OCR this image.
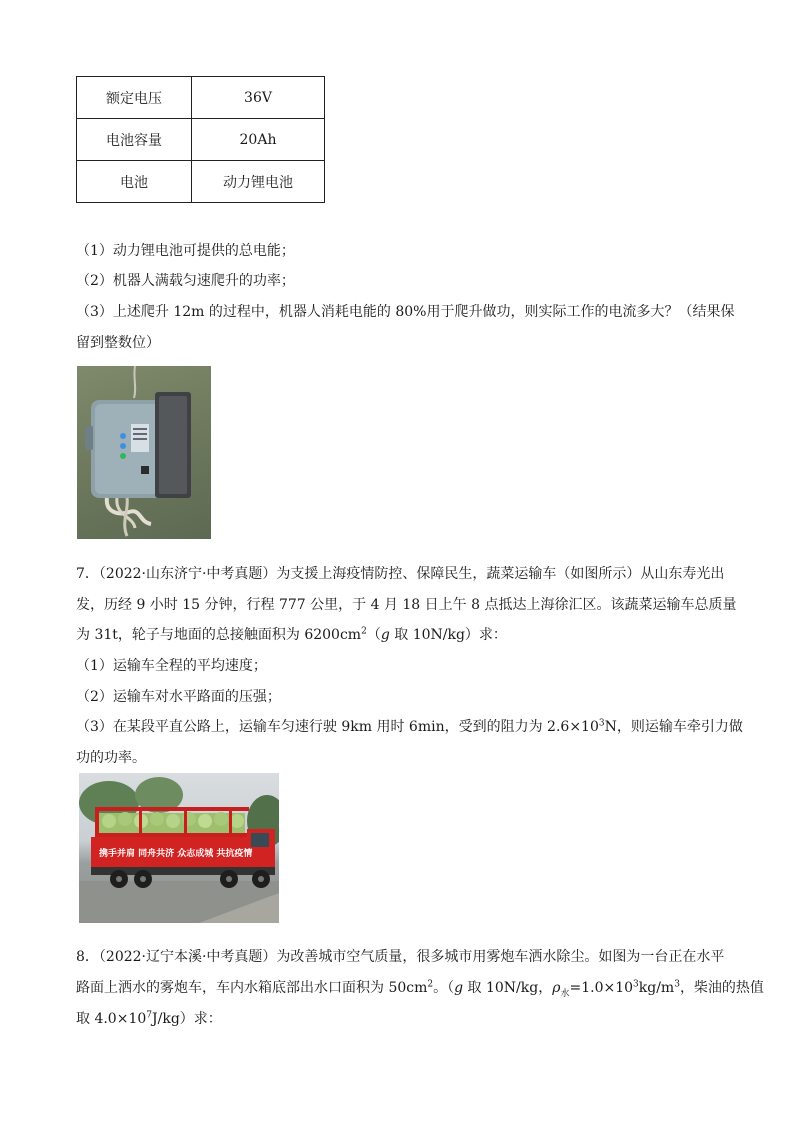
额定电压	36V
电池容量	20Ah
电池	动力锂电池
（1）动力锂电池可提供的总电能；
（2）机器人满载匀速爬升的功率；
（3）上述爬升 12m 的过程中，机器人消耗电能的 80%用于爬升做功，则实际工作的电流多大？（结果保
留到整数位）
7．（2022·山东济宁·中考真题）为支援上海疫情防控、保障民生，蔬菜运输车（如图所示）从山东寿光出
发，历经 9 小时 15 分钟，行程 777 公里，于 4 月 18 日上午 8 点抵达上海徐汇区。该蔬菜运输车总质量
为 31t，轮子与地面的总接触面积为 $6200cm^2(g$ 取 10N/kg）求：
（1）运输车全程的平均速度；
（2）运输车对水平路面的压强；
（3）在某段平直公路上，运输车匀速行驶 9km 用时 6min，受到的阻力为 $2.6\times 10^3N$，则运输车牵引力做
功的功率。
携手并肩 同舟共济 众志成城 共抗疫情
8．（2022·辽宁本溪·中考真题）为改善城市空气质量，很多城市用雾炮车洒水除尘。如图为一台正在水平
路面上洒水的雾炮车，车内水箱底部出水口面积为 $50cm^2$。（g 取 10N/kg，$\rho_水=1.0\times 10^3kg/m^3$，柴油的热值
取 $4.0\times 10^7J/kg$）求：
